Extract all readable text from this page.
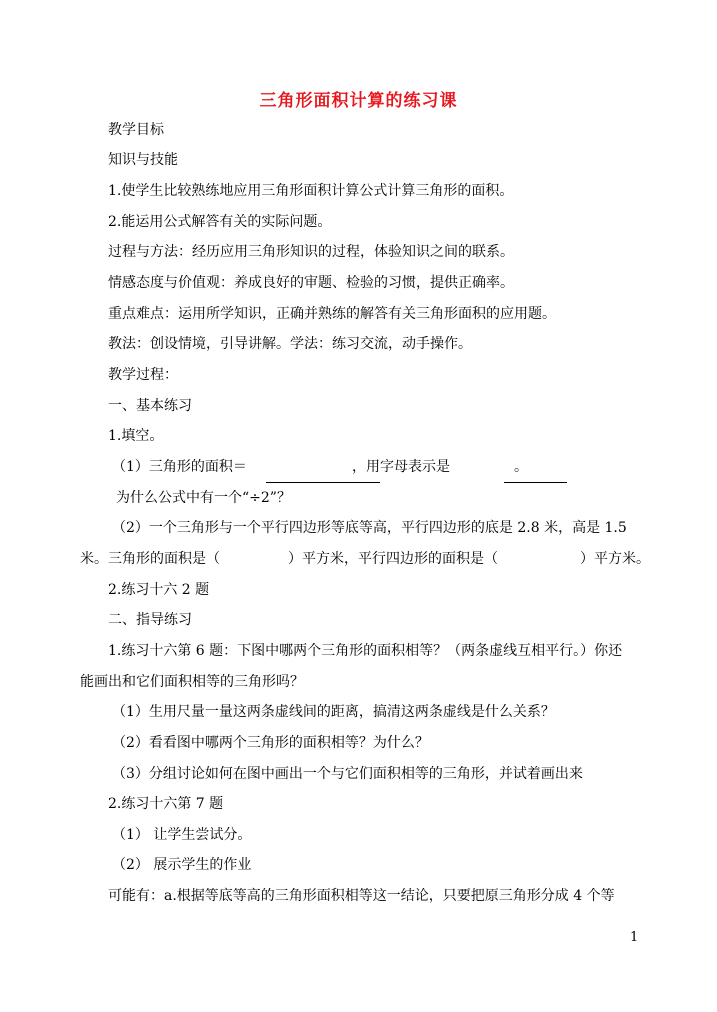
三角形面积计算的练习课
教学目标
知识与技能
1.使学生比较熟练地应用三角形面积计算公式计算三角形的面积。
2.能运用公式解答有关的实际问题。
过程与方法：经历应用三角形知识的过程，体验知识之间的联系。
情感态度与价值观：养成良好的审题、检验的习惯，提供正确率。
重点难点：运用所学知识，正确并熟练的解答有关三角形面积的应用题。
教法：创设情境，引导讲解。学法：练习交流，动手操作。
教学过程：
一、基本练习
1.填空。
（1）三角形的面积＝	，用字母表示是	。
为什么公式中有一个“÷2”？
（2）一个三角形与一个平行四边形等底等高，平行四边形的底是 2.8 米，高是 1.5
米。三角形的面积是（	）平方米，平行四边形的面积是（	）平方米。
2.练习十六 2 题
二、指导练习
1.练习十六第 6 题：下图中哪两个三角形的面积相等？（两条虚线互相平行。）你还
能画出和它们面积相等的三角形吗？
（1）生用尺量一量这两条虚线间的距离，搞清这两条虚线是什么关系？
（2）看看图中哪两个三角形的面积相等？为什么？
（3）分组讨论如何在图中画出一个与它们面积相等的三角形，并试着画出来
2.练习十六第 7 题
（1） 让学生尝试分。
（2） 展示学生的作业
可能有：a.根据等底等高的三角形面积相等这一结论，只要把原三角形分成 4 个等
1
